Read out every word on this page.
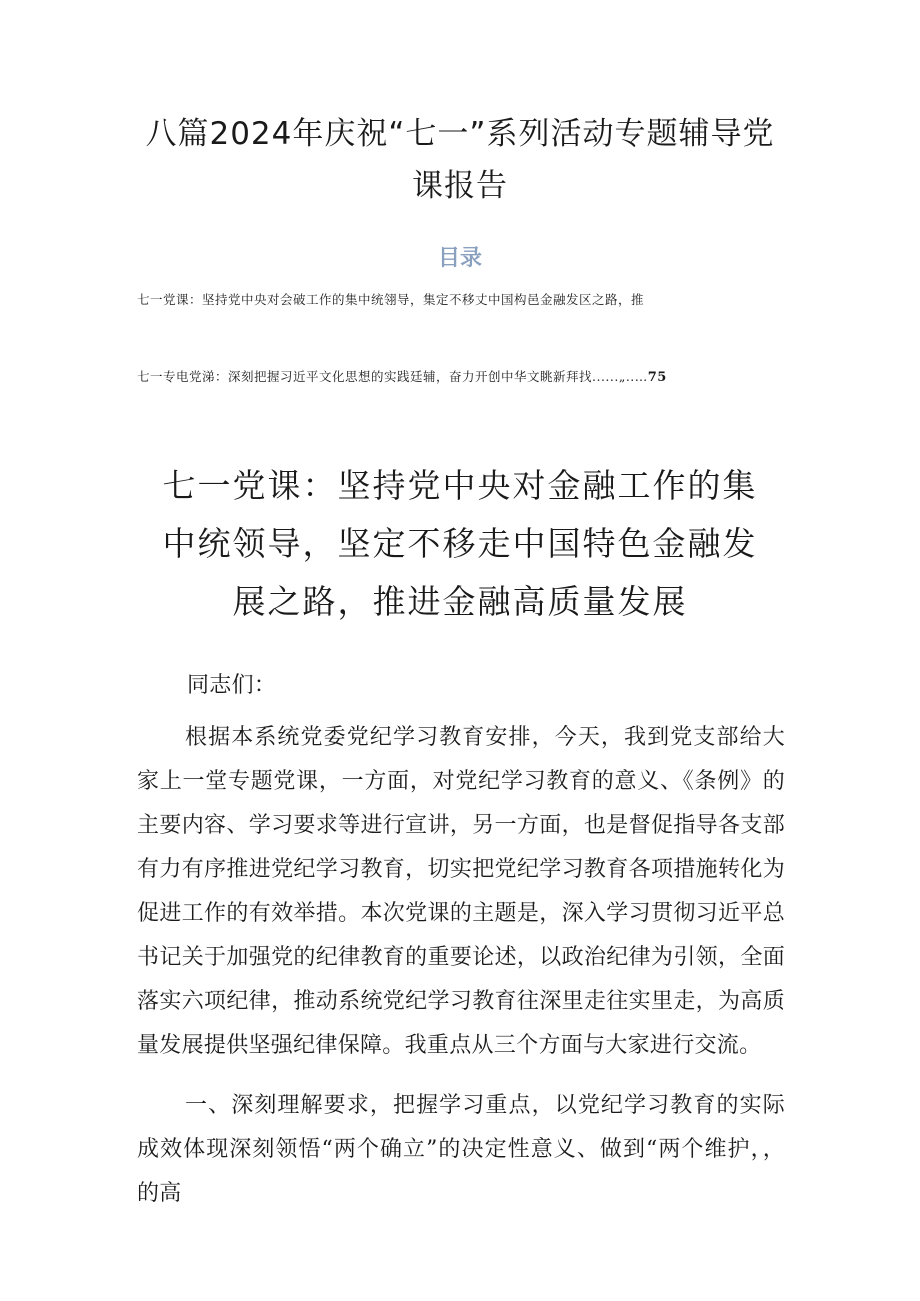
八篇2024年庆祝“七一”系列活动专题辅导党课报告
目录
七一党课：坚持党中央对会破工作的集中统翎导，集定不移丈中国构邑金融发区之路，推
七一专电党涕：深刻把握习近平文化思想的实践廷辅，奋力开创中华文眺新拜找......„..…75
七一党课：坚持党中央对金融工作的集中统领导，坚定不移走中国特色金融发展之路，推进金融高质量发展

同志们：

根据本系统党委党纪学习教育安排，今天，我到党支部给大家上一堂专题党课，一方面，对党纪学习教育的意义、《条例》的主要内容、学习要求等进行宣讲，另一方面，也是督促指导各支部有力有序推进党纪学习教育，切实把党纪学习教育各项措施转化为促进工作的有效举措。本次党课的主题是，深入学习贯彻习近平总书记关于加强党的纪律教育的重要论述，以政治纪律为引领，全面落实六项纪律，推动系统党纪学习教育往深里走往实里走，为高质量发展提供坚强纪律保障。我重点从三个方面与大家进行交流。

一、深刻理解要求，把握学习重点，以党纪学习教育的实际成效体现深刻领悟“两个确立”的决定性意义、做到“两个维护，，的高
